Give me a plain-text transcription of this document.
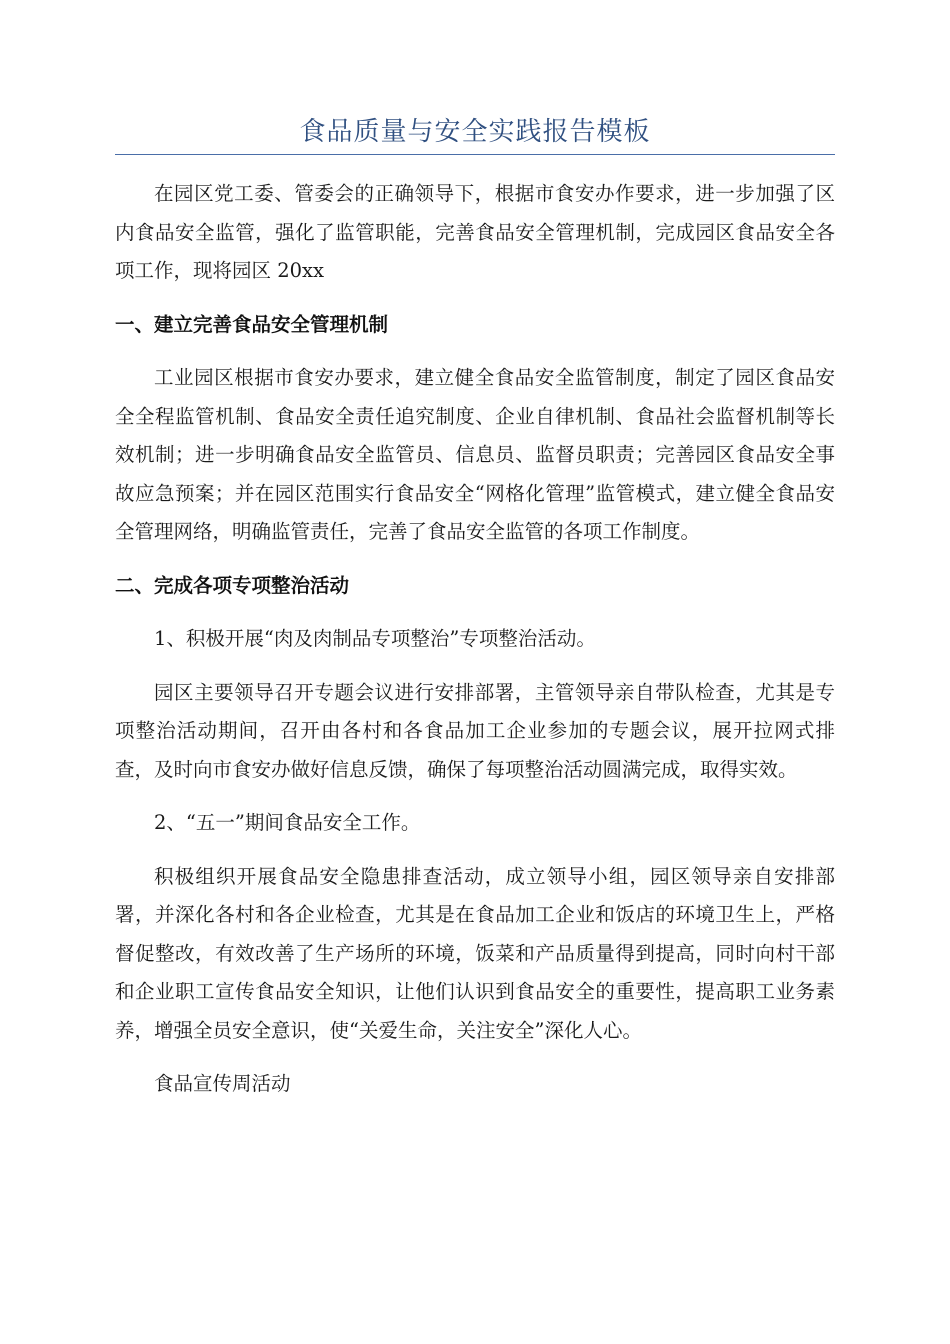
食品质量与安全实践报告模板

在园区党工委、管委会的正确领导下，根据市食安办作要求，进一步加强了区内食品安全监管，强化了监管职能，完善食品安全管理机制，完成园区食品安全各项工作，现将园区 20xx

一、建立完善食品安全管理机制

工业园区根据市食安办要求，建立健全食品安全监管制度，制定了园区食品安全全程监管机制、食品安全责任追究制度、企业自律机制、食品社会监督机制等长效机制；进一步明确食品安全监管员、信息员、监督员职责；完善园区食品安全事故应急预案；并在园区范围实行食品安全“网格化管理”监管模式，建立健全食品安全管理网络，明确监管责任，完善了食品安全监管的各项工作制度。

二、完成各项专项整治活动

1、积极开展“肉及肉制品专项整治”专项整治活动。

园区主要领导召开专题会议进行安排部署，主管领导亲自带队检查，尤其是专项整治活动期间，召开由各村和各食品加工企业参加的专题会议，展开拉网式排查，及时向市食安办做好信息反馈，确保了每项整治活动圆满完成，取得实效。

2、“五一”期间食品安全工作。

积极组织开展食品安全隐患排查活动，成立领导小组，园区领导亲自安排部署，并深化各村和各企业检查，尤其是在食品加工企业和饭店的环境卫生上，严格督促整改，有效改善了生产场所的环境，饭菜和产品质量得到提高，同时向村干部和企业职工宣传食品安全知识，让他们认识到食品安全的重要性，提高职工业务素养，增强全员安全意识，使“关爱生命，关注安全”深化人心。

食品宣传周活动
